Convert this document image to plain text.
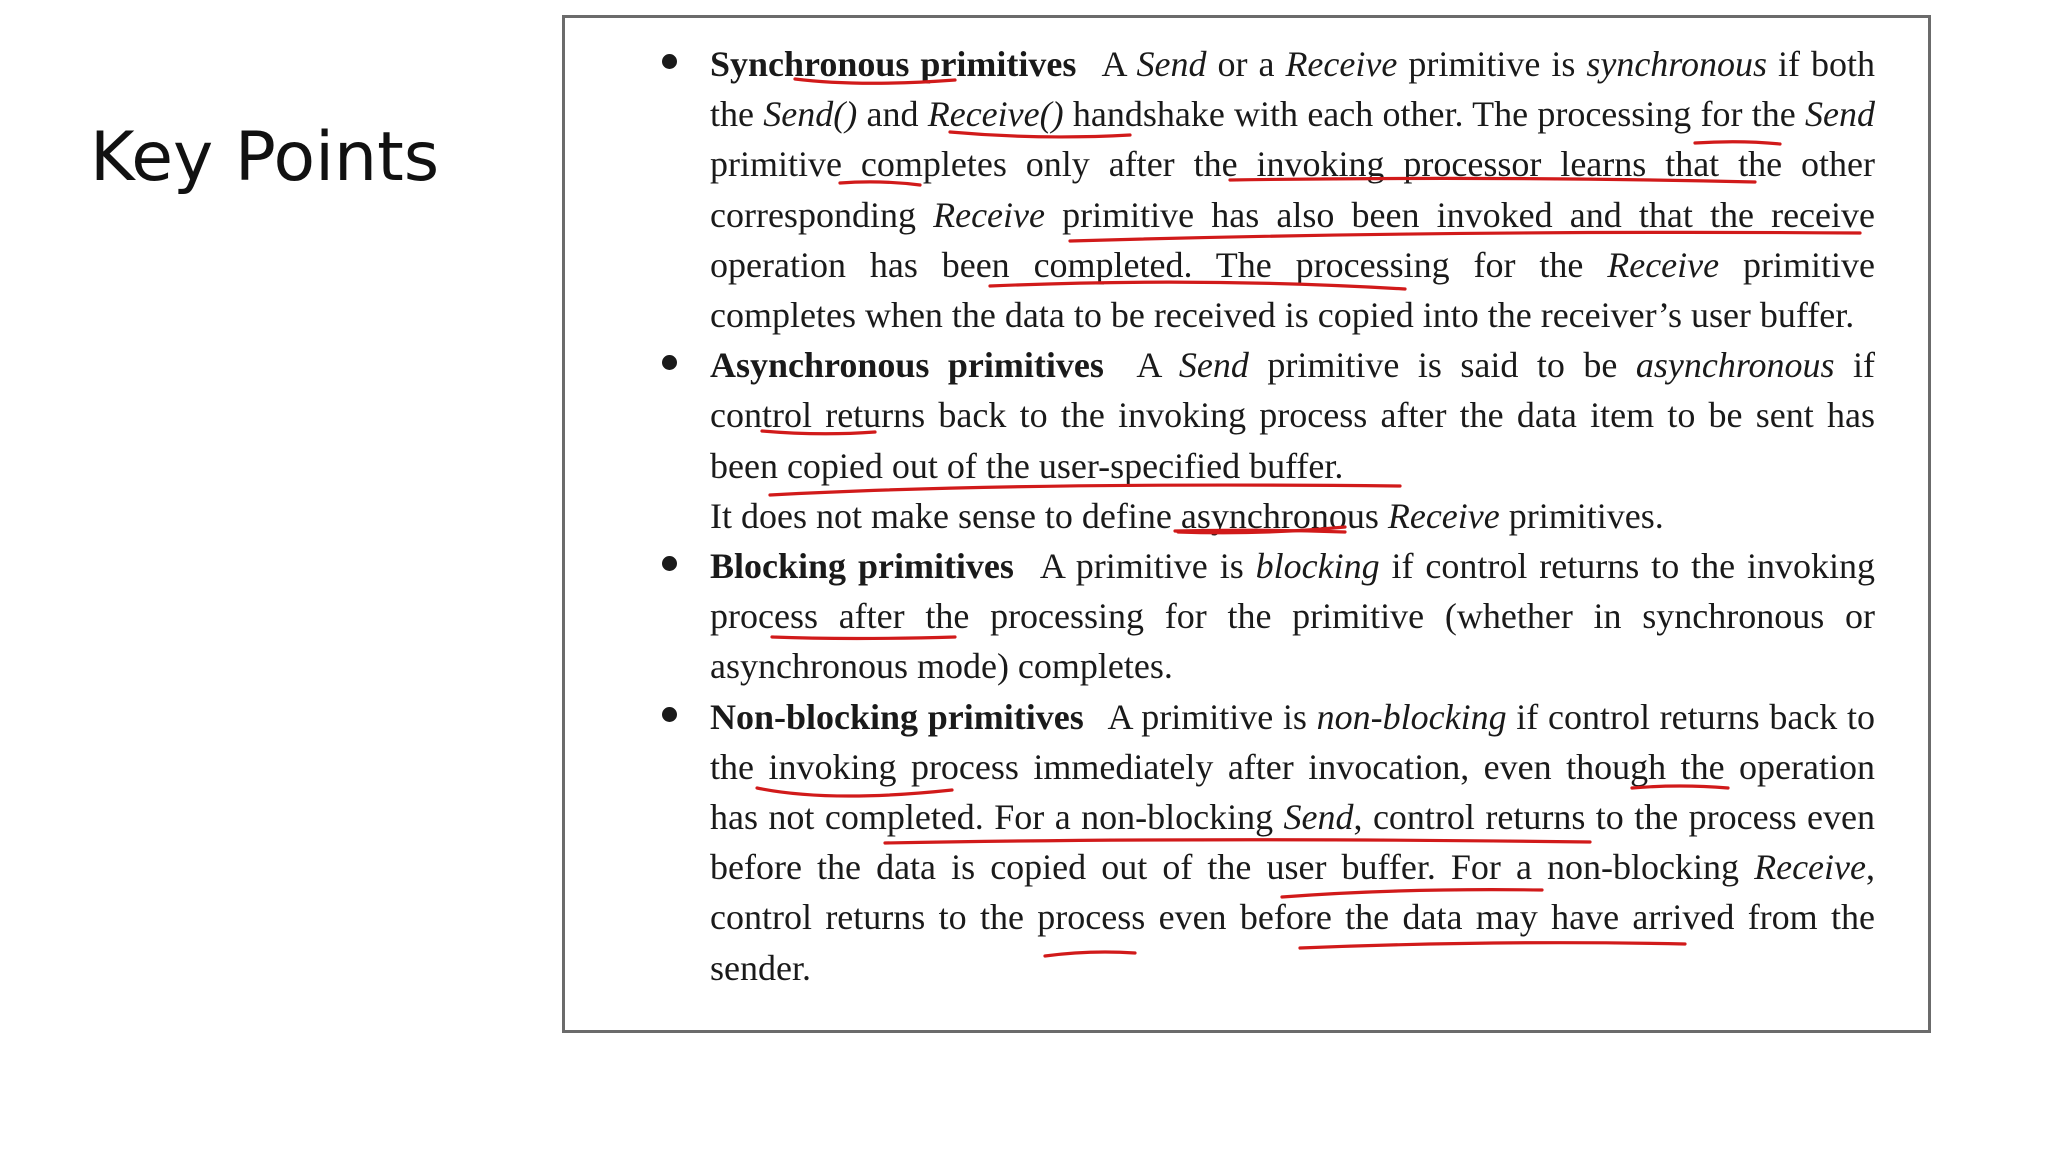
Key Points
Synchronous primitives A Send or a Receive primitive is synchronous if both the Send() and Receive() handshake with each other. The processing for the Send primitive completes only after the invoking processor learns that the other corresponding Receive primitive has also been invoked and that the receive operation has been completed. The processing for the Receive primitive completes when the data to be received is copied into the receiver’s user buffer.
Asynchronous primitives A Send primitive is said to be asynchronous if control returns back to the invoking process after the data item to be sent has been copied out of the user-specified buffer.
It does not make sense to define asynchronous Receive primitives.
Blocking primitives A primitive is blocking if control returns to the invoking process after the processing for the primitive (whether in synchronous or asynchronous mode) completes.
Non-blocking primitives A primitive is non-blocking if control returns back to the invoking process immediately after invocation, even though the operation has not completed. For a non-blocking Send, control returns to the process even before the data is copied out of the user buffer. For a non-blocking Receive, control returns to the process even before the data may have arrived from the sender.
